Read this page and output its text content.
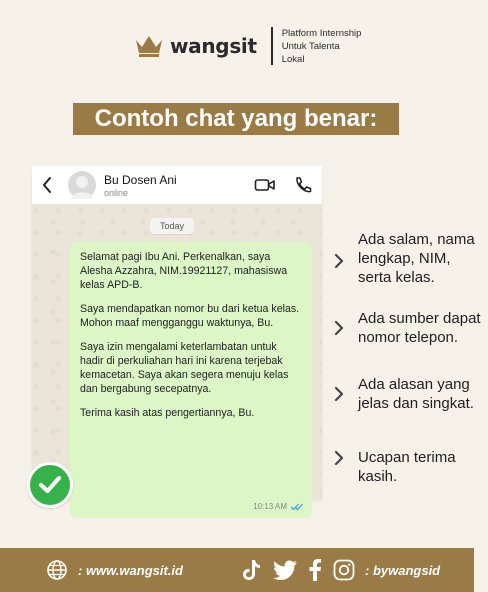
wangsit
Platform Internship
Untuk Talenta Lokal
Contoh chat yang benar:
Bu Dosen Ani
online
Today

Selamat pagi Ibu Ani. Perkenalkan, saya Alesha Azzahra, NIM.19921127, mahasiswa kelas APD-B.

Saya mendapatkan nomor bu dari ketua kelas. Mohon maaf mengganggu waktunya, Bu.

Saya izin mengalami keterlambatan untuk hadir di perkuliahan hari ini karena terjebak kemacetan. Saya akan segera menuju kelas dan bergabung secepatnya.

Terima kasih atas pengertiannya, Bu.

10:13 AM
Ada salam, nama lengkap, NIM, serta kelas.
Ada sumber dapat nomor telepon.
Ada alasan yang jelas dan singkat.
Ucapan terima kasih.
: www.wangsit.id	: bywangsid
